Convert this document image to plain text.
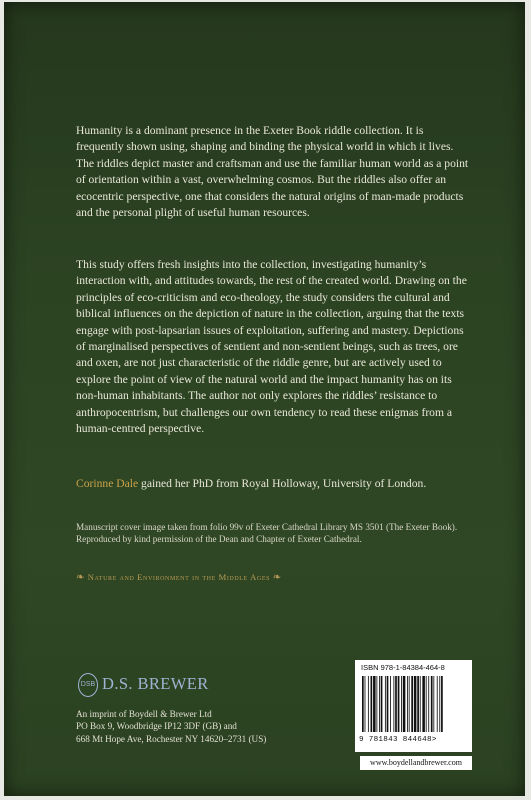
Humanity is a dominant presence in the Exeter Book riddle collection. It is frequently shown using, shaping and binding the physical world in which it lives. The riddles depict master and craftsman and use the familiar human world as a point of orientation within a vast, overwhelming cosmos. But the riddles also offer an ecocentric perspective, one that considers the natural origins of man-made products and the personal plight of useful human resources.

This study offers fresh insights into the collection, investigating humanity’s interaction with, and attitudes towards, the rest of the created world. Drawing on the principles of eco-criticism and eco-theology, the study considers the cultural and biblical influences on the depiction of nature in the collection, arguing that the texts engage with post-lapsarian issues of exploitation, suffering and mastery. Depictions of marginalised perspectives of sentient and non-sentient beings, such as trees, ore and oxen, are not just characteristic of the riddle genre, but are actively used to explore the point of view of the natural world and the impact humanity has on its non-human inhabitants. The author not only explores the riddles’ resistance to anthropocentrism, but challenges our own tendency to read these enigmas from a human-centred perspective.

Corinne Dale gained her PhD from Royal Holloway, University of London.

Manuscript cover image taken from folio 99v of Exeter Cathedral Library MS 3501 (The Exeter Book). Reproduced by kind permission of the Dean and Chapter of Exeter Cathedral.

❧ Nature and Environment in the Middle Ages ❧
DSB D.S. BREWER
An imprint of Boydell & Brewer Ltd
PO Box 9, Woodbridge IP12 3DF (GB) and
668 Mt Hope Ave, Rochester NY 14620–2731 (US)
ISBN 978-1-84384-464-8
9 781843 844648>
www.boydellandbrewer.com
